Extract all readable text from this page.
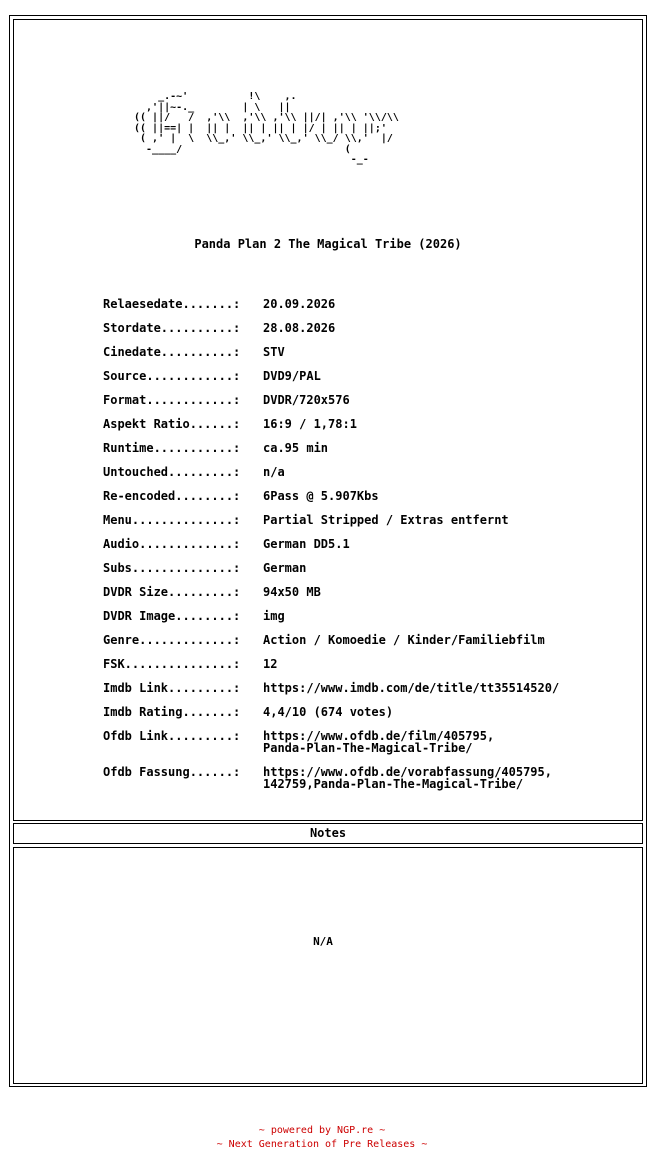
_.-~'          !\    ,.
,'||~-._        | \   ||
(( ||/   /  ,'\\  ,'\\ ,'\\ ||/| ,'\\ '\\/\\
(( ||==| |  || |  || | || | |/ | || | ||;'
( ,' |  \  \\_,' \\_,' \\_,' \\_/ \\,'  |/
-____/                           (
-_-
Panda Plan 2 The Magical Tribe (2026)
Relaesedate.......:	20.09.2026
Stordate..........:	28.08.2026
Cinedate..........:	STV
Source............:	DVD9/PAL
Format............:	DVDR/720x576
Aspekt Ratio......:	16:9 / 1,78:1
Runtime...........:	ca.95 min
Untouched.........:	n/a
Re-encoded........:	6Pass @ 5.907Kbs
Menu..............:	Partial Stripped / Extras entfernt
Audio.............:	German DD5.1
Subs..............:	German
DVDR Size.........:	94x50 MB
DVDR Image........:	img
Genre.............:	Action / Komoedie / Kinder/Familiebfilm
FSK...............:	12
Imdb Link.........:	https://www.imdb.com/de/title/tt35514520/
Imdb Rating.......:	4,4/10 (674 votes)
Ofdb Link.........:	https://www.ofdb.de/film/405795,
Panda-Plan-The-Magical-Tribe/
Ofdb Fassung......:	https://www.ofdb.de/vorabfassung/405795,
142759,Panda-Plan-The-Magical-Tribe/
Notes
N/A
~ powered by NGP.re ~
~ Next Generation of Pre Releases ~
